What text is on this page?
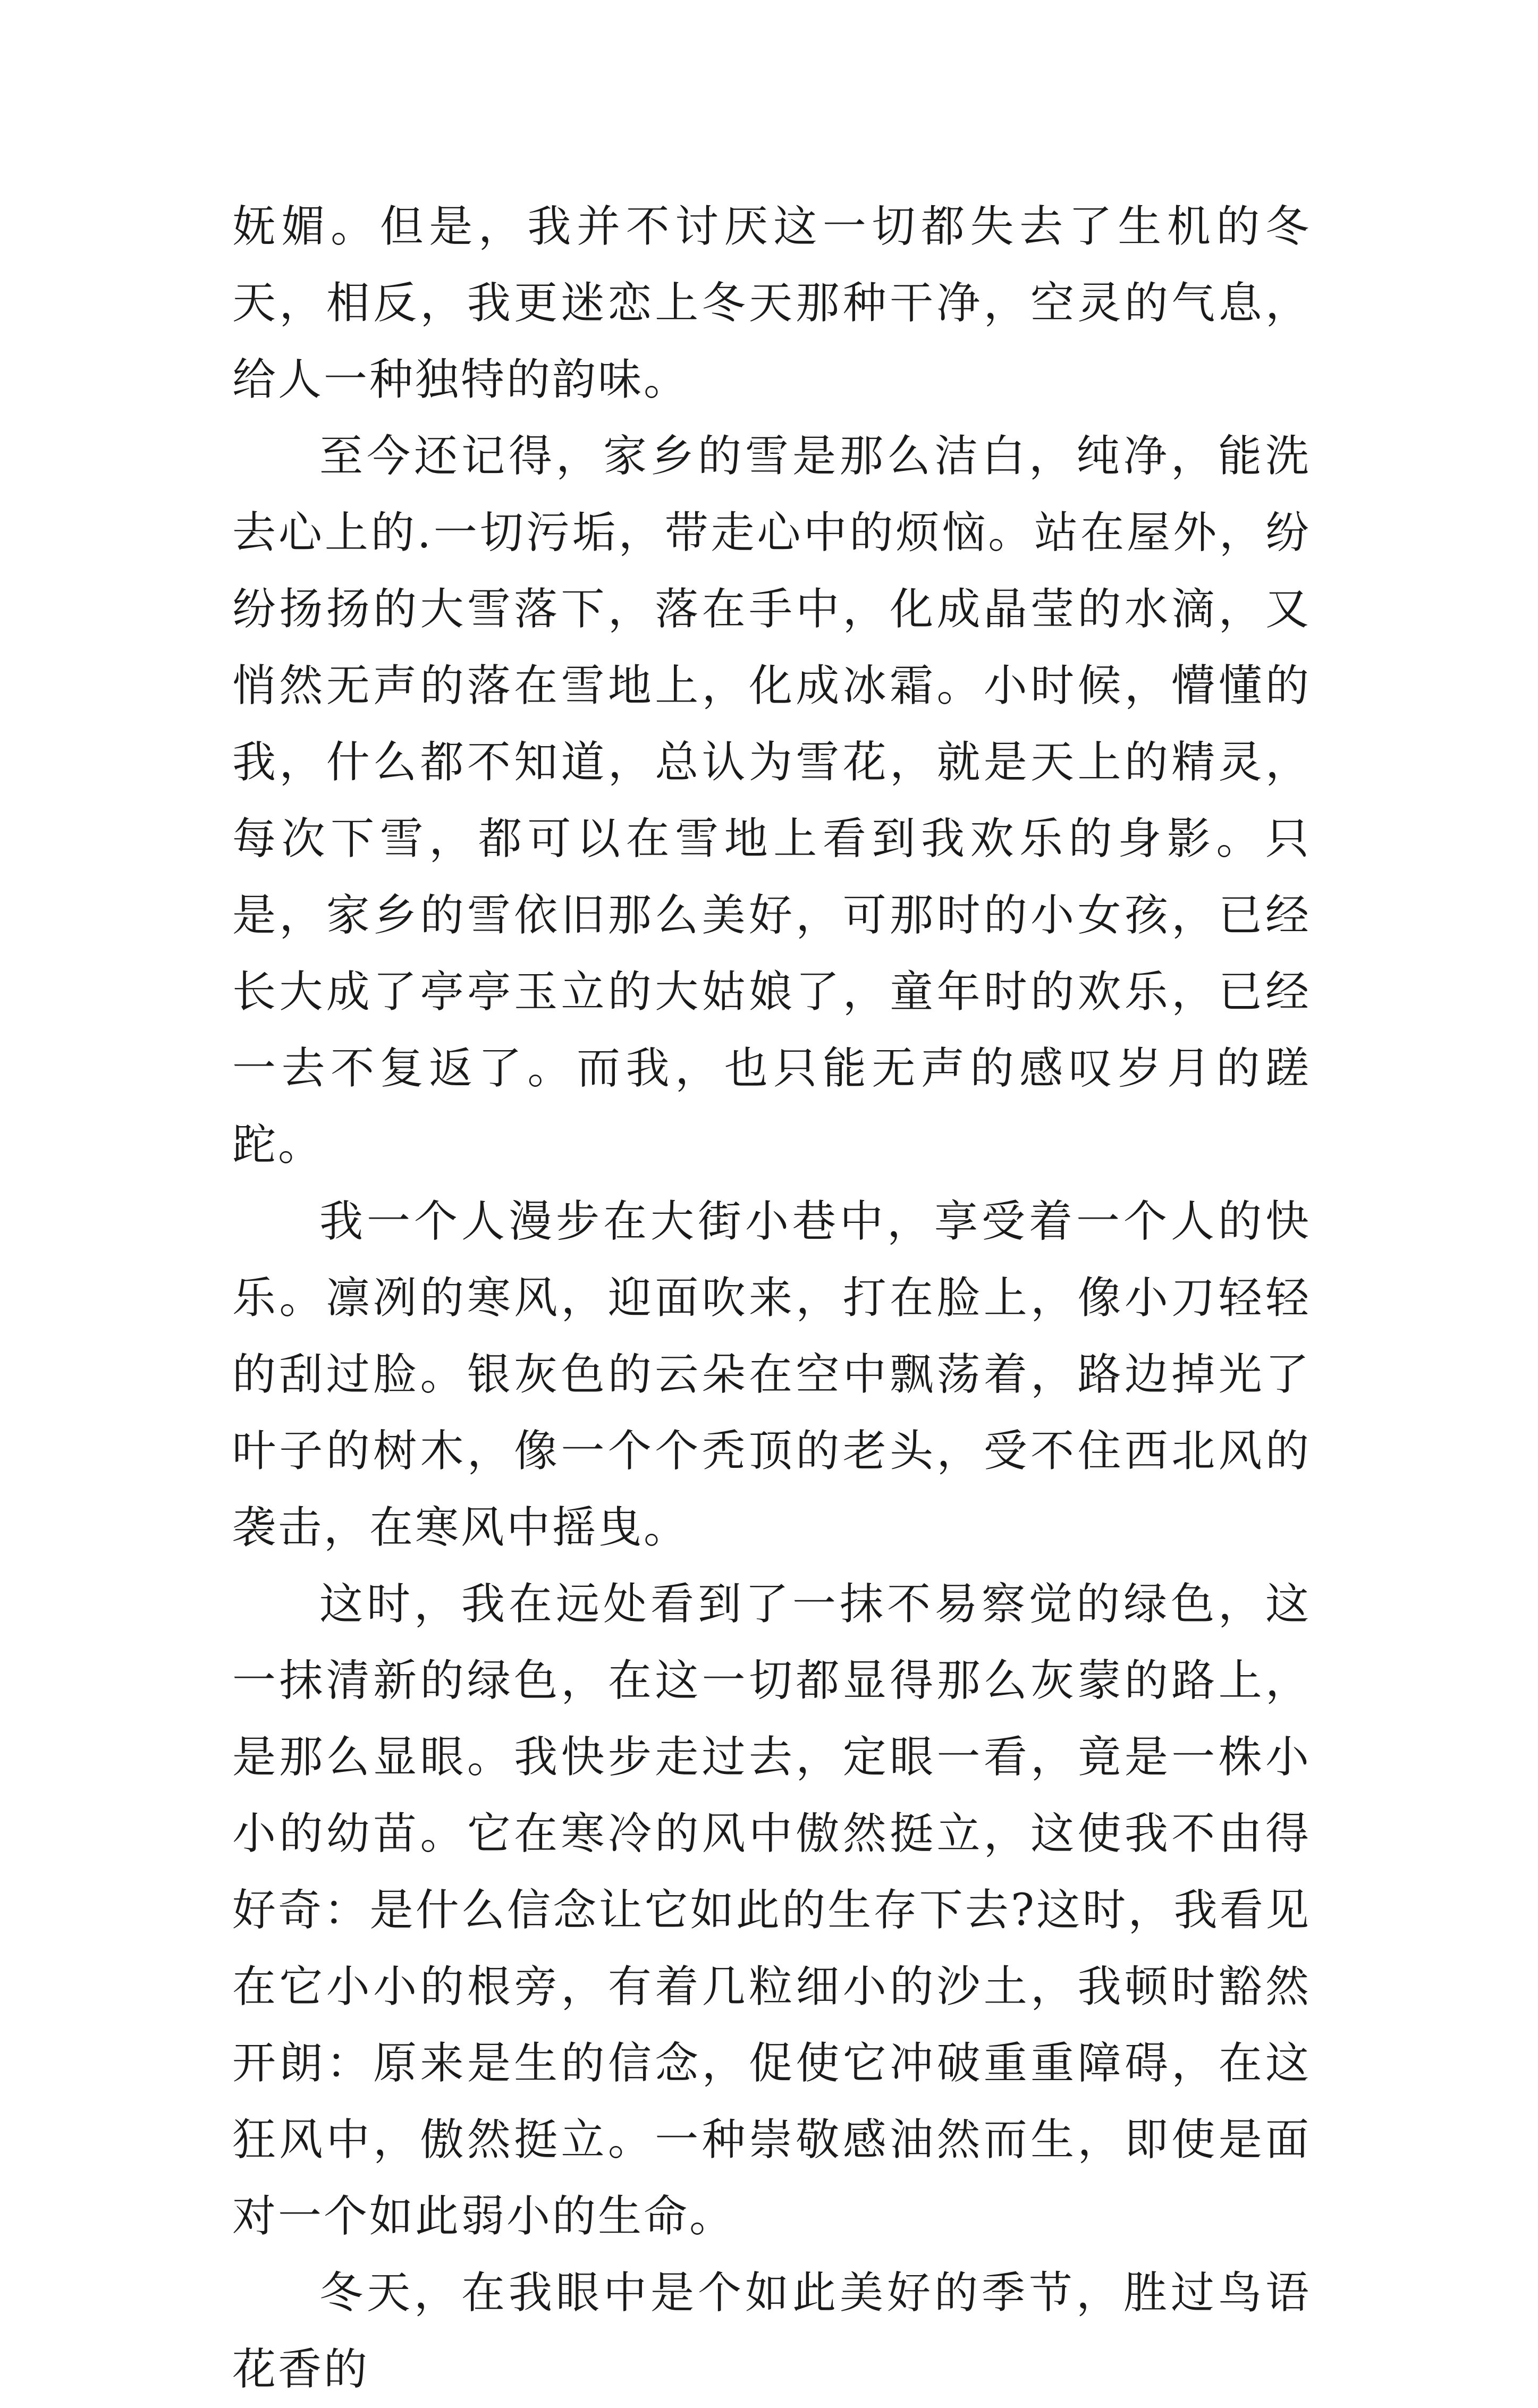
妩媚。但是，我并不讨厌这一切都失去了生机的冬天，相反，我更迷恋上冬天那种干净，空灵的气息，给人一种独特的韵味。

至今还记得，家乡的雪是那么洁白，纯净，能洗去心上的.一切污垢，带走心中的烦恼。站在屋外，纷纷扬扬的大雪落下，落在手中，化成晶莹的水滴，又悄然无声的落在雪地上，化成冰霜。小时候，懵懂的我，什么都不知道，总认为雪花，就是天上的精灵，每次下雪，都可以在雪地上看到我欢乐的身影。只是，家乡的雪依旧那么美好，可那时的小女孩，已经长大成了亭亭玉立的大姑娘了，童年时的欢乐，已经一去不复返了。而我，也只能无声的感叹岁月的蹉跎。

我一个人漫步在大街小巷中，享受着一个人的快乐。凛冽的寒风，迎面吹来，打在脸上，像小刀轻轻的刮过脸。银灰色的云朵在空中飘荡着，路边掉光了叶子的树木，像一个个秃顶的老头，受不住西北风的袭击，在寒风中摇曳。

这时，我在远处看到了一抹不易察觉的绿色，这一抹清新的绿色，在这一切都显得那么灰蒙的路上，是那么显眼。我快步走过去，定眼一看，竟是一株小小的幼苗。它在寒冷的风中傲然挺立，这使我不由得好奇：是什么信念让它如此的生存下去?这时，我看见在它小小的根旁，有着几粒细小的沙土，我顿时豁然开朗：原来是生的信念，促使它冲破重重障碍，在这狂风中，傲然挺立。一种崇敬感油然而生，即使是面对一个如此弱小的生命。

冬天，在我眼中是个如此美好的季节，胜过鸟语花香的
